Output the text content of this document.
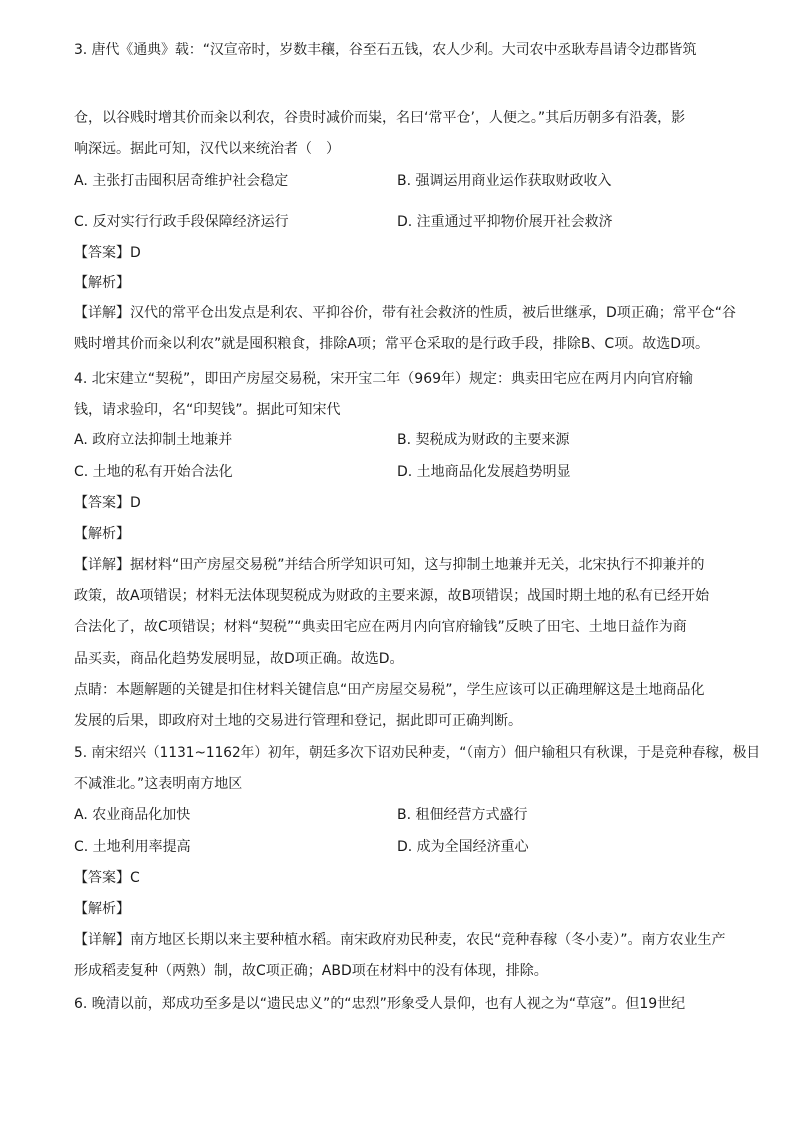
3. 唐代《通典》载：“汉宣帝时，岁数丰穰，谷至石五钱，农人少利。大司农中丞耿寿昌请令边郡皆筑
仓，以谷贱时增其价而籴以利农，谷贵时减价而粜，名曰‘常平仓’，人便之。”其后历朝多有沿袭，影
响深远。据此可知，汉代以来统治者（　）
A. 主张打击囤积居奇维护社会稳定	B. 强调运用商业运作获取财政收入
C. 反对实行行政手段保障经济运行	D. 注重通过平抑物价展开社会救济
【答案】D
【解析】
【详解】汉代的常平仓出发点是利农、平抑谷价，带有社会救济的性质，被后世继承，D项正确；常平仓“谷
贱时增其价而籴以利农”就是囤积粮食，排除A项；常平仓采取的是行政手段，排除B、C项。故选D项。
4. 北宋建立“契税”，即田产房屋交易税，宋开宝二年（969年）规定：典卖田宅应在两月内向官府输
钱，请求验印，名“印契钱”。据此可知宋代
A. 政府立法抑制土地兼并	B. 契税成为财政的主要来源
C. 土地的私有开始合法化	D. 土地商品化发展趋势明显
【答案】D
【解析】
【详解】据材料“田产房屋交易税”并结合所学知识可知，这与抑制土地兼并无关，北宋执行不抑兼并的
政策，故A项错误；材料无法体现契税成为财政的主要来源，故B项错误；战国时期土地的私有已经开始
合法化了，故C项错误；材料“契税”“典卖田宅应在两月内向官府输钱”反映了田宅、土地日益作为商
品买卖，商品化趋势发展明显，故D项正确。故选D。
点睛：本题解题的关键是扣住材料关键信息“田产房屋交易税”，学生应该可以正确理解这是土地商品化
发展的后果，即政府对土地的交易进行管理和登记，据此即可正确判断。
5. 南宋绍兴（1131~1162年）初年，朝廷多次下诏劝民种麦，“（南方）佃户输租只有秋课，于是竞种春稼，极目
不减淮北。”这表明南方地区
A. 农业商品化加快	B. 租佃经营方式盛行
C. 土地利用率提高	D. 成为全国经济重心
【答案】C
【解析】
【详解】南方地区长期以来主要种植水稻。南宋政府劝民种麦，农民“竞种春稼（冬小麦）”。南方农业生产
形成稻麦复种（两熟）制，故C项正确；ABD项在材料中的没有体现，排除。
6. 晚清以前，郑成功至多是以“遗民忠义”的“忠烈”形象受人景仰，也有人视之为“草寇”。但19世纪
